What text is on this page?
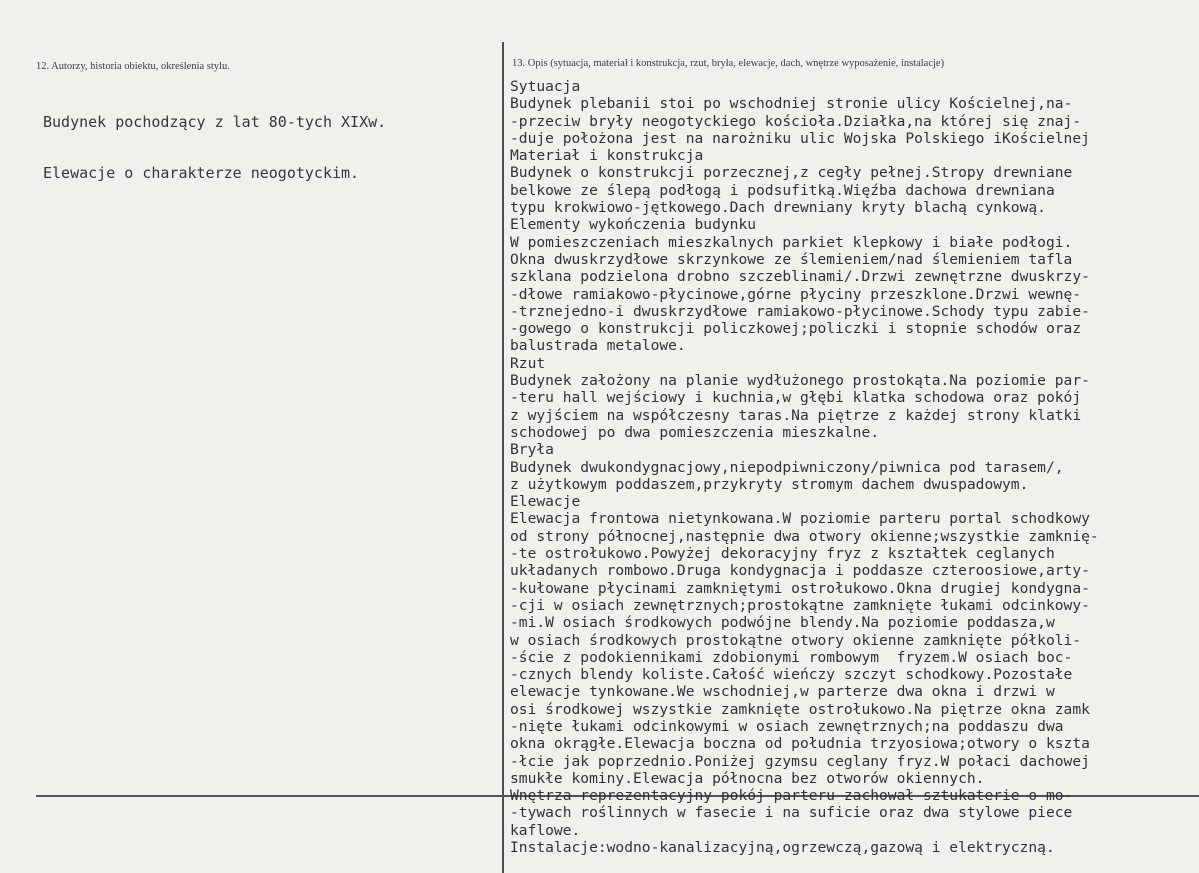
12. Autorzy, historia obiektu, określenia stylu.

Budynek pochodzący z lat 80-tych XIXw.

Elewacje o charakterze neogotyckim.

13. Opis (sytuacja, materiał i konstrukcja, rzut, bryła, elewacje, dach, wnętrze wyposażenie, instalacje)
Sytuacja
Budynek plebanii stoi po wschodniej stronie ulicy Kościelnej,na-
-przeciw bryły neogotyckiego kościoła.Działka,na której się znaj-
-duje położona jest na narożniku ulic Wojska Polskiego iKościelnej
Materiał i konstrukcja
Budynek o konstrukcji porzecznej,z cegły pełnej.Stropy drewniane
belkowe ze ślepą podłogą i podsufitką.Więźba dachowa drewniana
typu krokwiowo-jętkowego.Dach drewniany kryty blachą cynkową.
Elementy wykończenia budynku
W pomieszczeniach mieszkalnych parkiet klepkowy i białe podłogi.
Okna dwuskrzydłowe skrzynkowe ze ślemieniem/nad ślemieniem tafla
szklana podzielona drobno szczeblinami/.Drzwi zewnętrzne dwuskrzy-
-dłowe ramiakowo-płycinowe,górne płyciny przeszklone.Drzwi wewnę-
-trznejedno-i dwuskrzydłowe ramiakowo-płycinowe.Schody typu zabie-
-gowego o konstrukcji policzkowej;policzki i stopnie schodów oraz
balustrada metalowe.
Rzut
Budynek założony na planie wydłużonego prostokąta.Na poziomie par-
-teru hall wejściowy i kuchnia,w głębi klatka schodowa oraz pokój
z wyjściem na współczesny taras.Na piętrze z każdej strony klatki
schodowej po dwa pomieszczenia mieszkalne.
Bryła
Budynek dwukondygnacjowy,niepodpiwniczony/piwnica pod tarasem/,
z użytkowym poddaszem,przykryty stromym dachem dwuspadowym.
Elewacje
Elewacja frontowa nietynkowana.W poziomie parteru portal schodkowy
od strony północnej,następnie dwa otwory okienne;wszystkie zamknię-
-te ostrołukowo.Powyżej dekoracyjny fryz z kształtek ceglanych
układanych rombowo.Druga kondygnacja i poddasze czteroosiowe,arty-
-kułowane płycinami zamkniętymi ostrołukowo.Okna drugiej kondygna-
-cji w osiach zewnętrznych;prostokątne zamknięte łukami odcinkowy-
-mi.W osiach środkowych podwójne blendy.Na poziomie poddasza,w
w osiach środkowych prostokątne otwory okienne zamknięte półkoli-
-ście z podokiennikami zdobionymi rombowym  fryzem.W osiach boc-
-cznych blendy koliste.Całość wieńczy szczyt schodkowy.Pozostałe
elewacje tynkowane.We wschodniej,w parterze dwa okna i drzwi w
osi środkowej wszystkie zamknięte ostrołukowo.Na piętrze okna zamk
-nięte łukami odcinkowymi w osiach zewnętrznych;na poddaszu dwa
okna okrągłe.Elewacja boczna od południa trzyosiowa;otwory o kszta
-łcie jak poprzednio.Poniżej gzymsu ceglany fryz.W połaci dachowej
smukłe kominy.Elewacja północna bez otworów okiennych.
Wnętrza reprezentacyjny pokój parteru zachował sztukaterie o mo-
-tywach roślinnych w fasecie i na suficie oraz dwa stylowe piece
kaflowe.
Instalacje:wodno-kanalizacyjną,ogrzewczą,gazową i elektryczną.
